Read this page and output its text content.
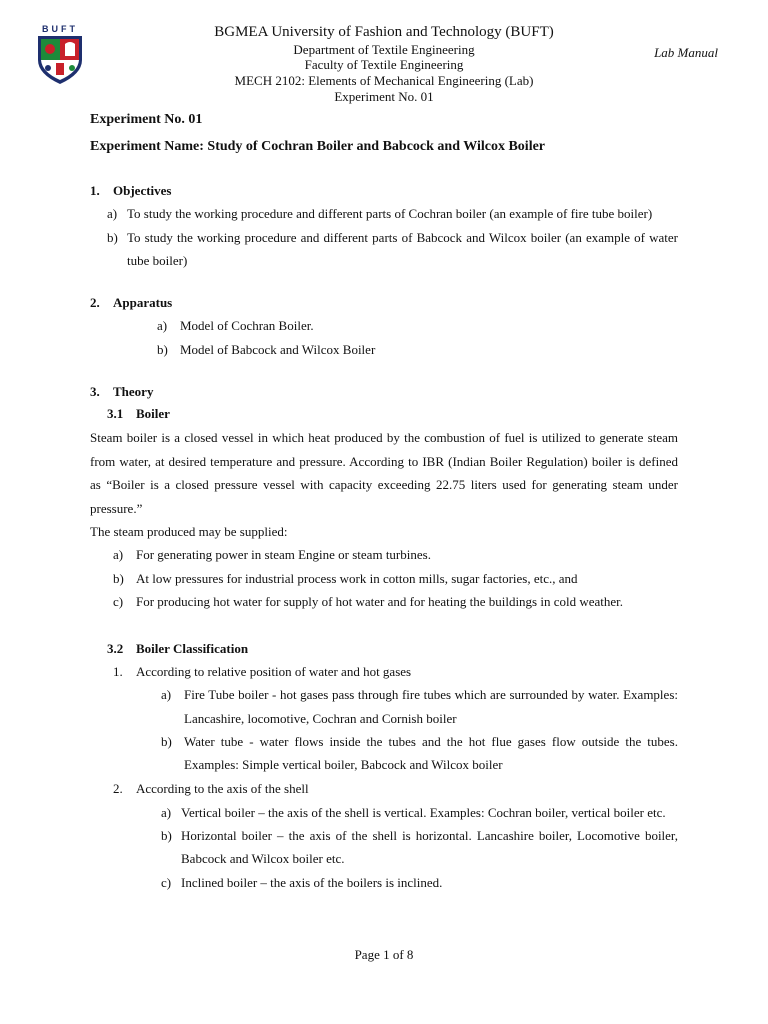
BUFT	BGMEA University of Fashion and Technology (BUFT)
Department of Textile Engineering
Faculty of Textile Engineering
MECH 2102: Elements of Mechanical Engineering (Lab)
Experiment No. 01
Lab Manual
Experiment No. 01
Experiment Name: Study of Cochran Boiler and Babcock and Wilcox Boiler
1. Objectives
a) To study the working procedure and different parts of Cochran boiler (an example of fire tube boiler)
b) To study the working procedure and different parts of Babcock and Wilcox boiler (an example of water
tube boiler)
2. Apparatus
a) Model of Cochran Boiler.
b) Model of Babcock and Wilcox Boiler
3. Theory
3.1 Boiler
Steam boiler is a closed vessel in which heat produced by the combustion of fuel is utilized to generate steam
from water, at desired temperature and pressure. According to IBR (Indian Boiler Regulation) boiler is defined
as “Boiler is a closed pressure vessel with capacity exceeding 22.75 liters used for generating steam under
pressure.”
The steam produced may be supplied:
a) For generating power in steam Engine or steam turbines.
b) At low pressures for industrial process work in cotton mills, sugar factories, etc., and
c) For producing hot water for supply of hot water and for heating the buildings in cold weather.
3.2 Boiler Classification
1. According to relative position of water and hot gases
a) Fire Tube boiler - hot gases pass through fire tubes which are surrounded by water. Examples:
Lancashire, locomotive, Cochran and Cornish boiler
b) Water tube - water flows inside the tubes and the hot flue gases flow outside the tubes.
Examples: Simple vertical boiler, Babcock and Wilcox boiler
2. According to the axis of the shell
a) Vertical boiler – the axis of the shell is vertical. Examples: Cochran boiler, vertical boiler etc.
b) Horizontal boiler – the axis of the shell is horizontal. Lancashire boiler, Locomotive boiler,
Babcock and Wilcox boiler etc.
c) Inclined boiler – the axis of the boilers is inclined.
Page 1 of 8
